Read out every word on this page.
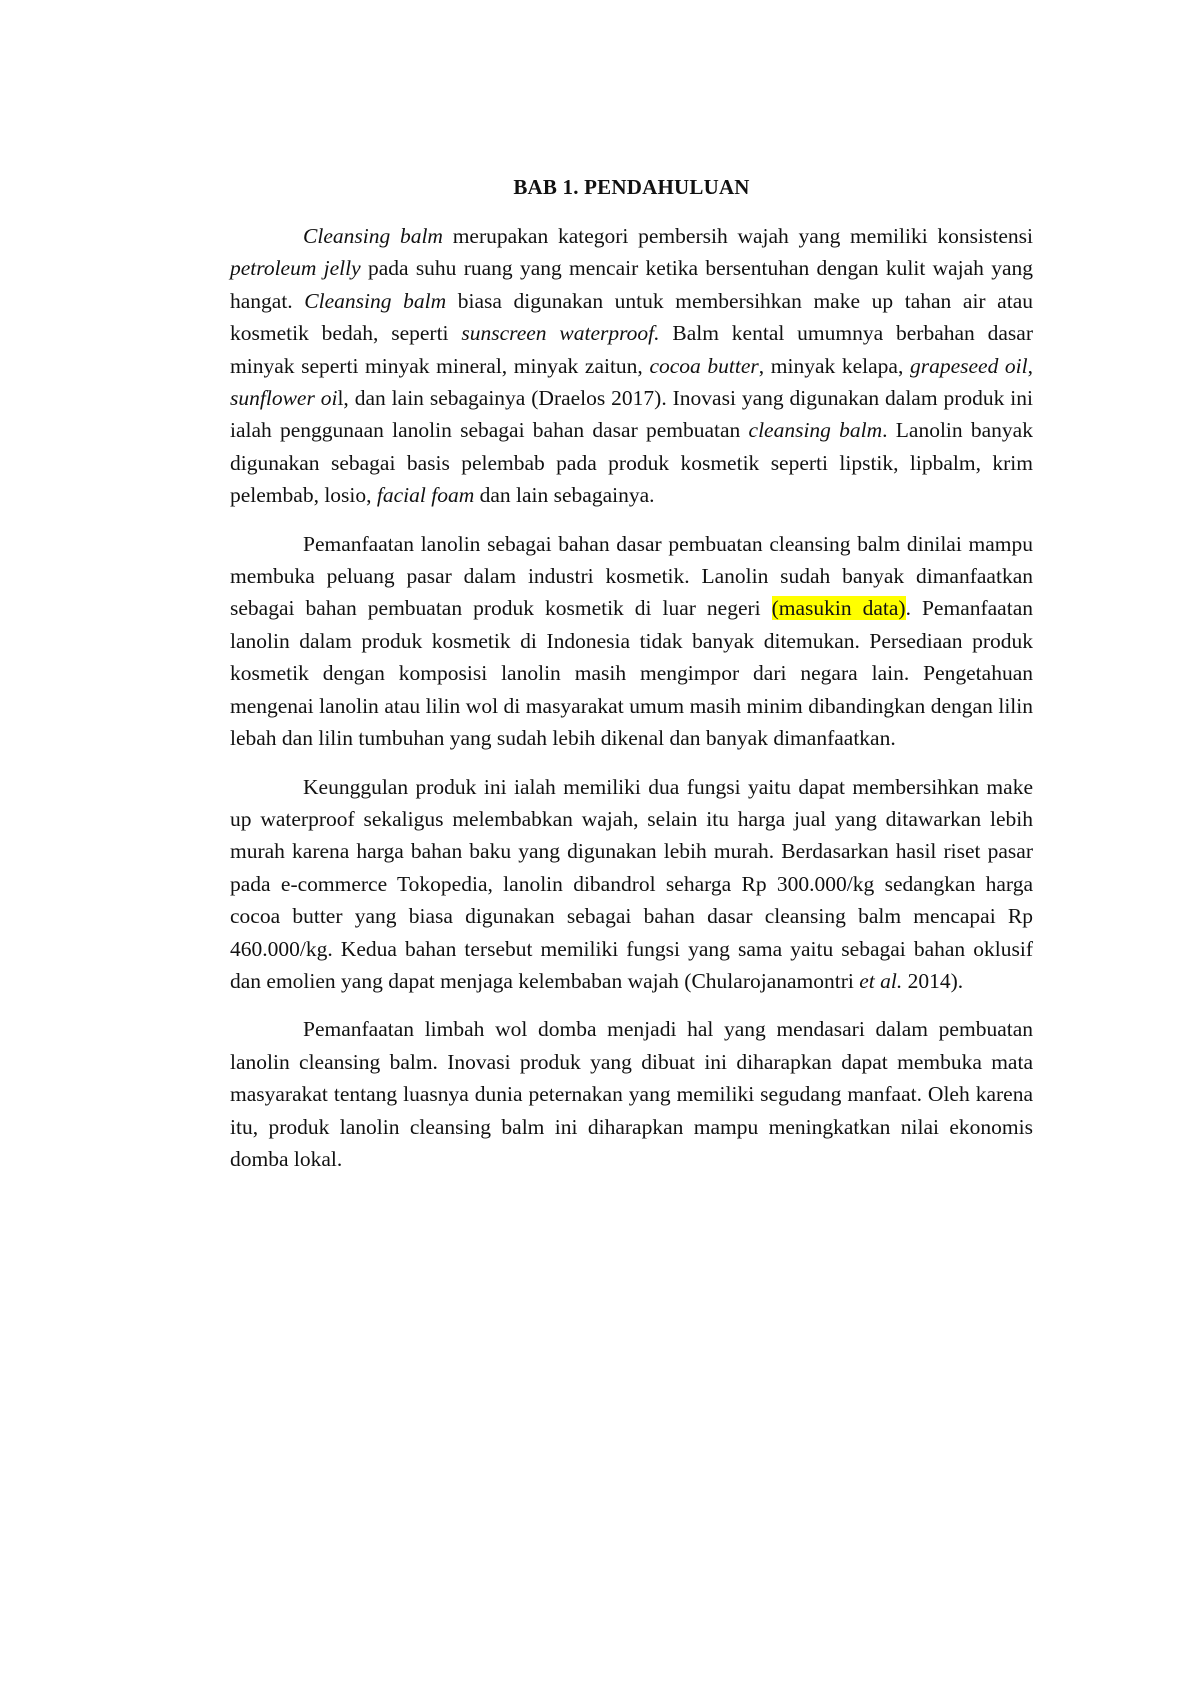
BAB 1. PENDAHULUAN

Cleansing balm merupakan kategori pembersih wajah yang memiliki konsistensi petroleum jelly pada suhu ruang yang mencair ketika bersentuhan dengan kulit wajah yang hangat. Cleansing balm biasa digunakan untuk membersihkan make up tahan air atau kosmetik bedah, seperti sunscreen waterproof. Balm kental umumnya berbahan dasar minyak seperti minyak mineral, minyak zaitun, cocoa butter, minyak kelapa, grapeseed oil, sunflower oil, dan lain sebagainya (Draelos 2017). Inovasi yang digunakan dalam produk ini ialah penggunaan lanolin sebagai bahan dasar pembuatan cleansing balm. Lanolin banyak digunakan sebagai basis pelembab pada produk kosmetik seperti lipstik, lipbalm, krim pelembab, losio, facial foam dan lain sebagainya.

Pemanfaatan lanolin sebagai bahan dasar pembuatan cleansing balm dinilai mampu membuka peluang pasar dalam industri kosmetik. Lanolin sudah banyak dimanfaatkan sebagai bahan pembuatan produk kosmetik di luar negeri (masukin data). Pemanfaatan lanolin dalam produk kosmetik di Indonesia tidak banyak ditemukan. Persediaan produk kosmetik dengan komposisi lanolin masih mengimpor dari negara lain. Pengetahuan mengenai lanolin atau lilin wol di masyarakat umum masih minim dibandingkan dengan lilin lebah dan lilin tumbuhan yang sudah lebih dikenal dan banyak dimanfaatkan.

Keunggulan produk ini ialah memiliki dua fungsi yaitu dapat membersihkan make up waterproof sekaligus melembabkan wajah, selain itu harga jual yang ditawarkan lebih murah karena harga bahan baku yang digunakan lebih murah. Berdasarkan hasil riset pasar pada e-commerce Tokopedia, lanolin dibandrol seharga Rp 300.000/kg sedangkan harga cocoa butter yang biasa digunakan sebagai bahan dasar cleansing balm mencapai Rp 460.000/kg. Kedua bahan tersebut memiliki fungsi yang sama yaitu sebagai bahan oklusif dan emolien yang dapat menjaga kelembaban wajah (Chularojanamontri et al. 2014).

Pemanfaatan limbah wol domba menjadi hal yang mendasari dalam pembuatan lanolin cleansing balm. Inovasi produk yang dibuat ini diharapkan dapat membuka mata masyarakat tentang luasnya dunia peternakan yang memiliki segudang manfaat. Oleh karena itu, produk lanolin cleansing balm ini diharapkan mampu meningkatkan nilai ekonomis domba lokal.
